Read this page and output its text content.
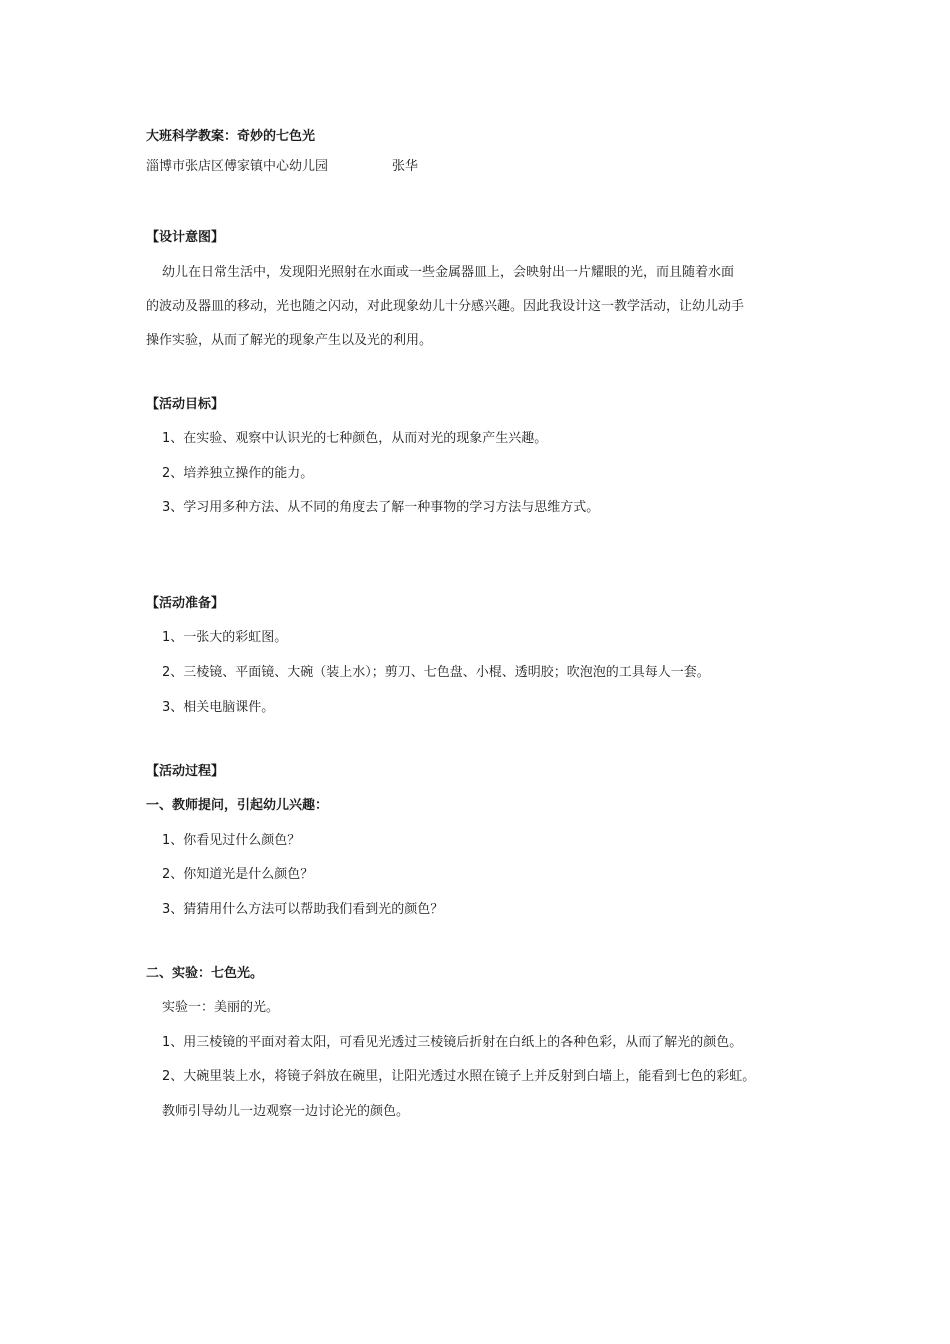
大班科学教案：奇妙的七色光
淄博市张店区傅家镇中心幼儿园	张华
【设计意图】
幼儿在日常生活中，发现阳光照射在水面或一些金属器皿上，会映射出一片耀眼的光，而且随着水面
的波动及器皿的移动，光也随之闪动，对此现象幼儿十分感兴趣。因此我设计这一教学活动，让幼儿动手
操作实验，从而了解光的现象产生以及光的利用。
【活动目标】
1、在实验、观察中认识光的七种颜色，从而对光的现象产生兴趣。
2、培养独立操作的能力。
3、学习用多种方法、从不同的角度去了解一种事物的学习方法与思维方式。
【活动准备】
1、一张大的彩虹图。
2、三棱镜、平面镜、大碗（装上水）；剪刀、七色盘、小棍、透明胶；吹泡泡的工具每人一套。
3、相关电脑课件。
【活动过程】
一、教师提问，引起幼儿兴趣：
1、你看见过什么颜色？
2、你知道光是什么颜色？
3、猜猜用什么方法可以帮助我们看到光的颜色？
二、实验：七色光。
实验一：美丽的光。
1、用三棱镜的平面对着太阳，可看见光透过三棱镜后折射在白纸上的各种色彩，从而了解光的颜色。
2、大碗里装上水，将镜子斜放在碗里，让阳光透过水照在镜子上并反射到白墙上，能看到七色的彩虹。
教师引导幼儿一边观察一边讨论光的颜色。
